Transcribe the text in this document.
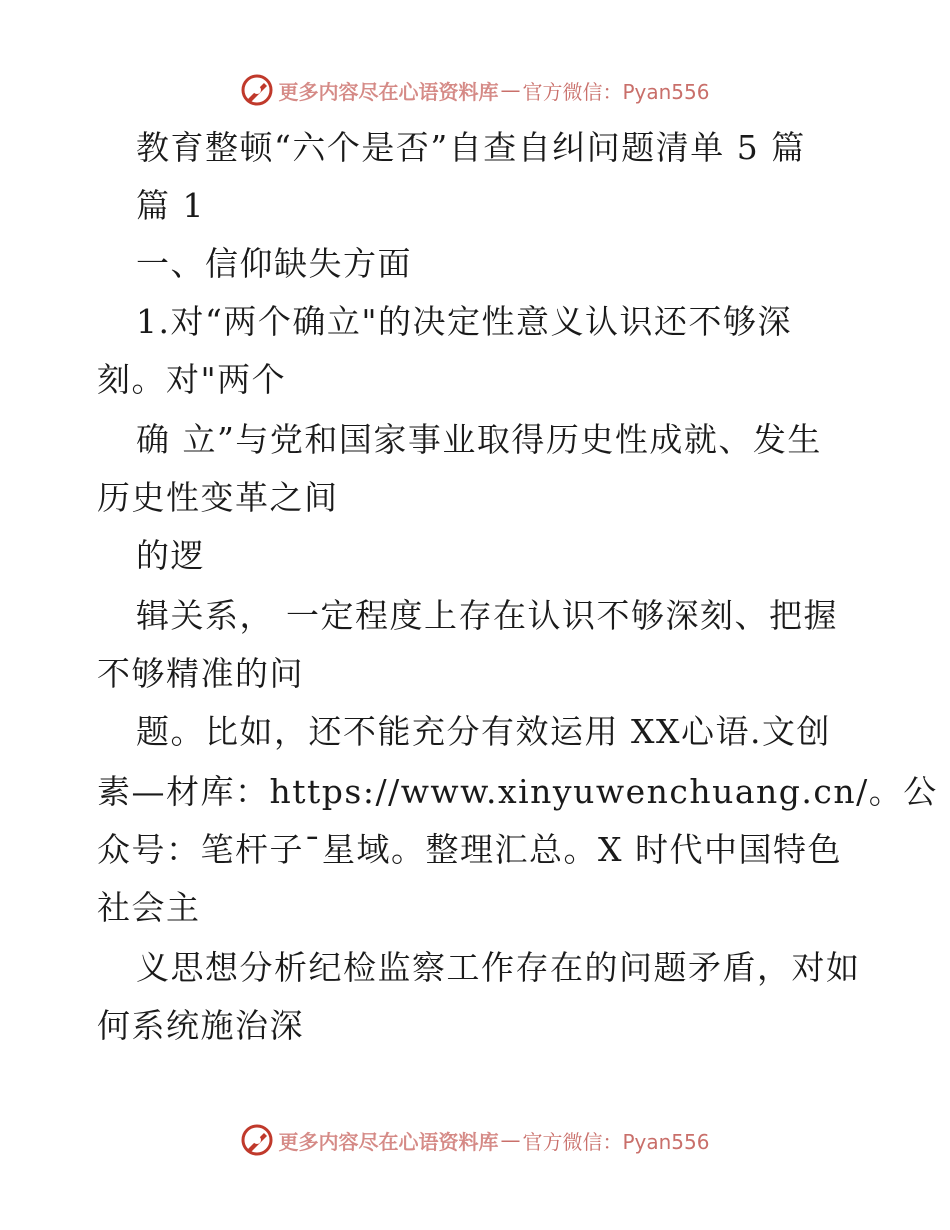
更多内容尽在心语资料库 — 官方微信：Pyan556
教育整顿“六个是否”自查自纠问题清单 5 篇
篇 1
一、信仰缺失方面
1.对“两个确立"的决定性意义认识还不够深
刻。对"两个
确 立”与党和国家事业取得历史性成就、发生
历史性变革之间
的逻
辑关系， 一定程度上存在认识不够深刻、把握
不够精准的问
题。比如，还不能充分有效运用 XX心语.文创
素—材库：https://www.xinyuwenchuang.cn/。公
众号：笔杆子¯星域。整理汇总。X 时代中国特色
社会主
义思想分析纪检监察工作存在的问题矛盾，对如
何系统施治深
更多内容尽在心语资料库 — 官方微信：Pyan556
